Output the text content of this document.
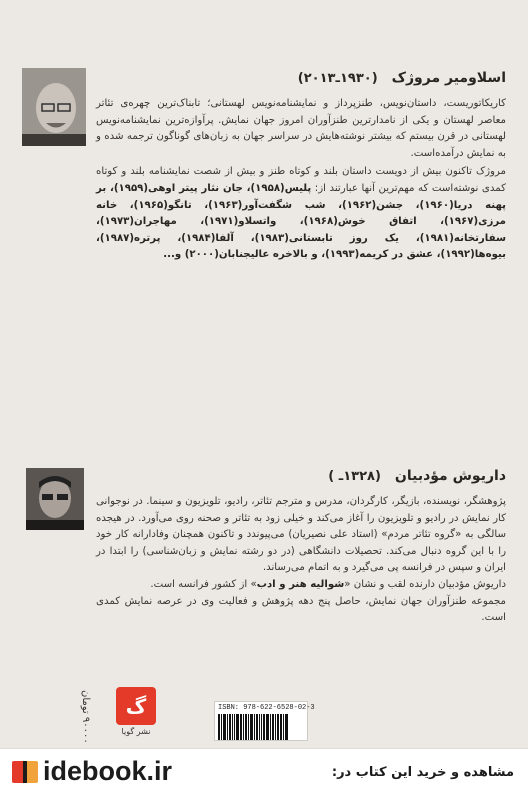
اسلاومیر مروژک
(۱۹۳۰ـ۲۰۱۳)

کاریکاتوریست، داستان‌نویس، طنزپرداز و نمایشنامه‌نویس لهستانی؛ تابناک‌ترین چهره‌ی تئاتر معاصر لهستان و یکی از نامدارترین طنزآوران امروز جهان نمایش. پرآوازه‌ترین نمایشنامه‌نویس لهستانی در قرن بیستم که بیشتر نوشته‌هایش در سراسر جهان به زبان‌های گوناگون ترجمه شده و به نمایش درآمده‌است.

مروژک تاکنون بیش از دویست داستان بلند و کوتاه طنز و بیش از شصت نمایشنامه بلند و کوتاه کمدی نوشته‌است که مهم‌ترین آنها عبارتند از: پلیس(۱۹۵۸)، جان نثار پیتر اوهی(۱۹۵۹)، بر پهنه دریا(۱۹۶۰)، جشن(۱۹۶۲)، شب شگفت‌آور(۱۹۶۳)، تانگو(۱۹۶۵)، خانه مرزی(۱۹۶۷)، اتفاق خوش(۱۹۶۸)، واتسلاو(۱۹۷۱)، مهاجران(۱۹۷۳)، سفارتخانه(۱۹۸۱)، یک روز تابستانی(۱۹۸۳)، آلفا(۱۹۸۴)، پرتره(۱۹۸۷)، بیوه‌ها(۱۹۹۲)، عشق در کریمه(۱۹۹۳)، و بالاخره عالیجنابان(۲۰۰۰) و...

داریوش مؤدبیان
(۱۳۲۸ـ )

پژوهشگر، نویسنده، بازیگر، کارگردان، مدرس و مترجم تئاتر، رادیو، تلویزیون و سینما. در نوجوانی کار نمایش در رادیو و تلویزیون را آغاز می‌کند و خیلی زود به تئاتر و صحنه روی می‌آورد. در هیجده سالگی به «گروه تئاتر مردم» (استاد علی نصیریان) می‌پیوندد و تاکنون همچنان وفادارانه کار خود را با این گروه دنبال می‌کند. تحصیلات دانشگاهی (در دو رشته نمایش و زبان‌شناسی) را ابتدا در ایران و سپس در فرانسه پی می‌گیرد و به اتمام می‌رساند.

داریوش مؤدبیان دارنده لقب و نشان «شوالیه هنر و ادب» از کشور فرانسه است.

مجموعه طنزآوران جهان نمایش، حاصل پنج دهه پژوهش و فعالیت وی در عرصه نمایش کمدی است.

ISBN: 978-622-6528-02-3
گ
نشر گویا
۹۰۰۰۰ تومان
idebook.ir	مشاهده و خرید این کتاب در:
